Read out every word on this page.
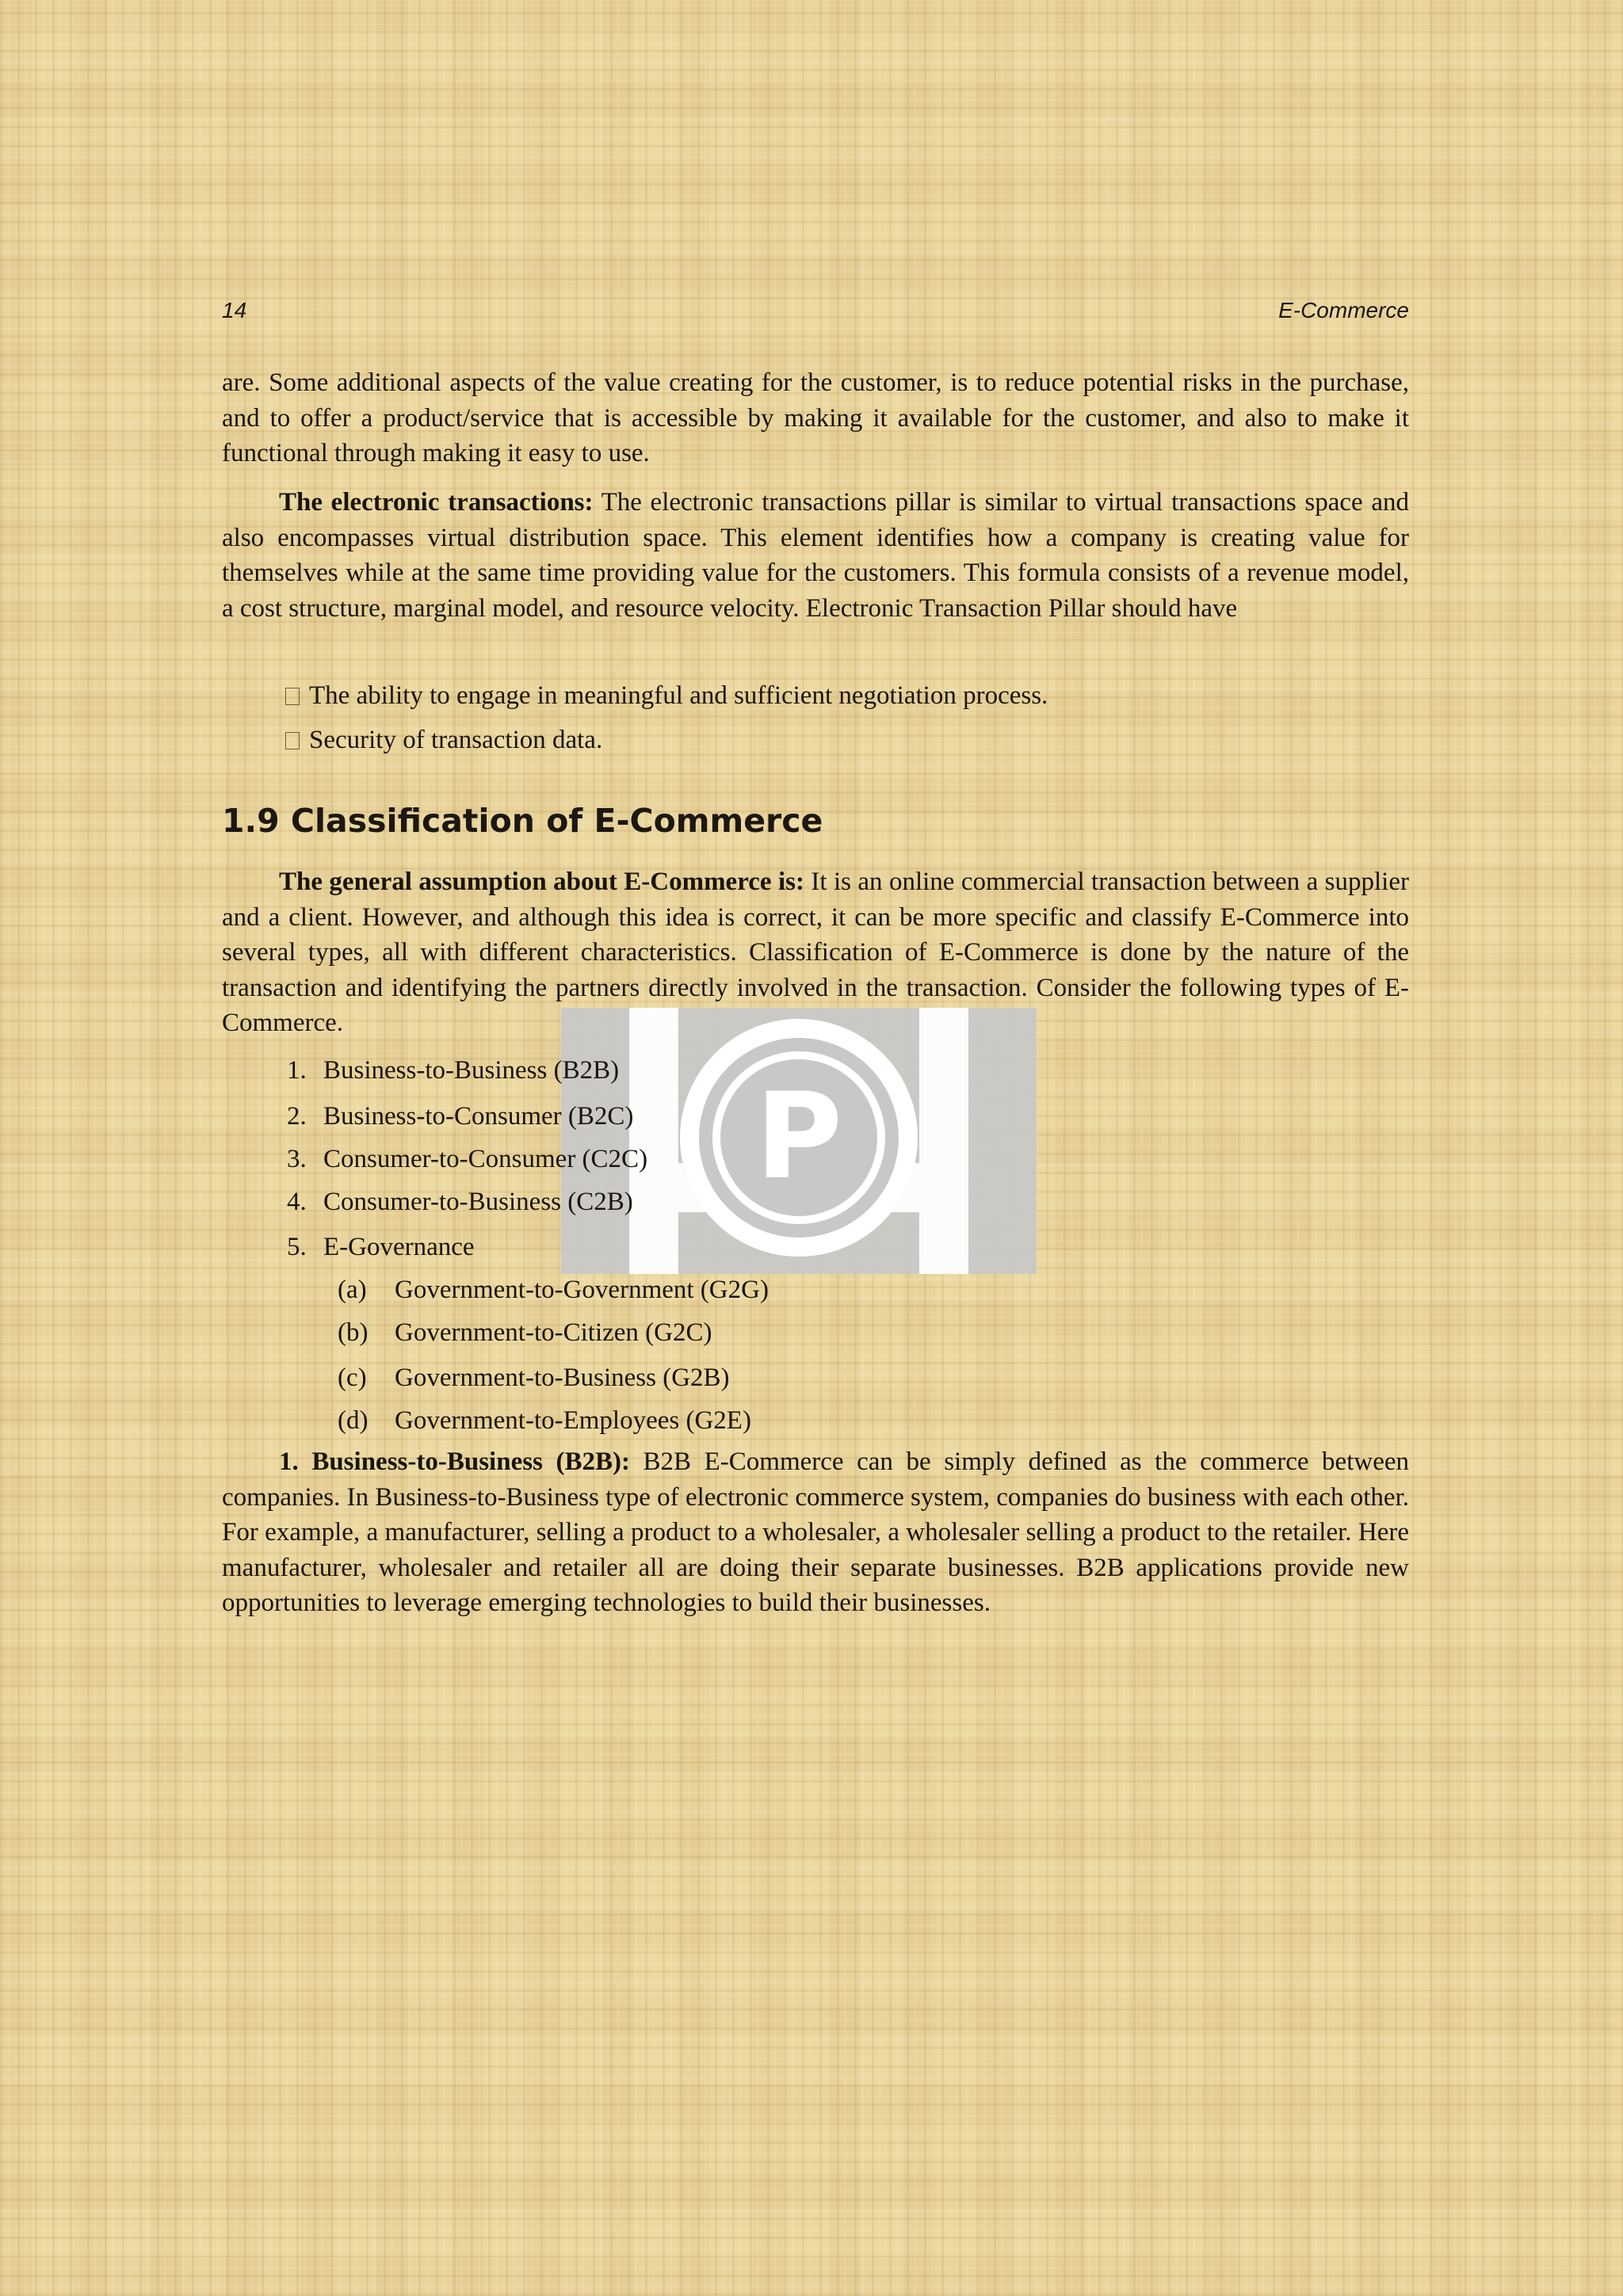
14	E-Commerce

are. Some additional aspects of the value creating for the customer, is to reduce potential risks in the purchase, and to offer a product/service that is accessible by making it available for the customer, and also to make it functional through making it easy to use.

The electronic transactions: The electronic transactions pillar is similar to virtual transactions space and also encompasses virtual distribution space. This element identifies how a company is creating value for themselves while at the same time providing value for the customers. This formula consists of a revenue model, a cost structure, marginal model, and resource velocity. Electronic Transaction Pillar should have

The ability to engage in meaningful and sufficient negotiation process.
Security of transaction data.
1.9 Classification of E-Commerce

The general assumption about E-Commerce is: It is an online commercial transaction between a supplier and a client. However, and although this idea is correct, it can be more specific and classify E-Commerce into several types, all with different characteristics. Classification of E-Commerce is done by the nature of the transaction and identifying the partners directly involved in the transaction. Consider the following types of E-Commerce.

P
1. Business-to-Business (B2B)
2. Business-to-Consumer (B2C)
3. Consumer-to-Consumer (C2C)
4. Consumer-to-Business (C2B)
5. E-Governance
(a) Government-to-Government (G2G)
(b) Government-to-Citizen (G2C)
(c) Government-to-Business (G2B)
(d) Government-to-Employees (G2E)

1. Business-to-Business (B2B): B2B E-Commerce can be simply defined as the commerce between companies. In Business-to-Business type of electronic commerce system, companies do business with each other. For example, a manufacturer, selling a product to a wholesaler, a wholesaler selling a product to the retailer. Here manufacturer, wholesaler and retailer all are doing their separate businesses. B2B applications provide new opportunities to leverage emerging technologies to build their businesses.
